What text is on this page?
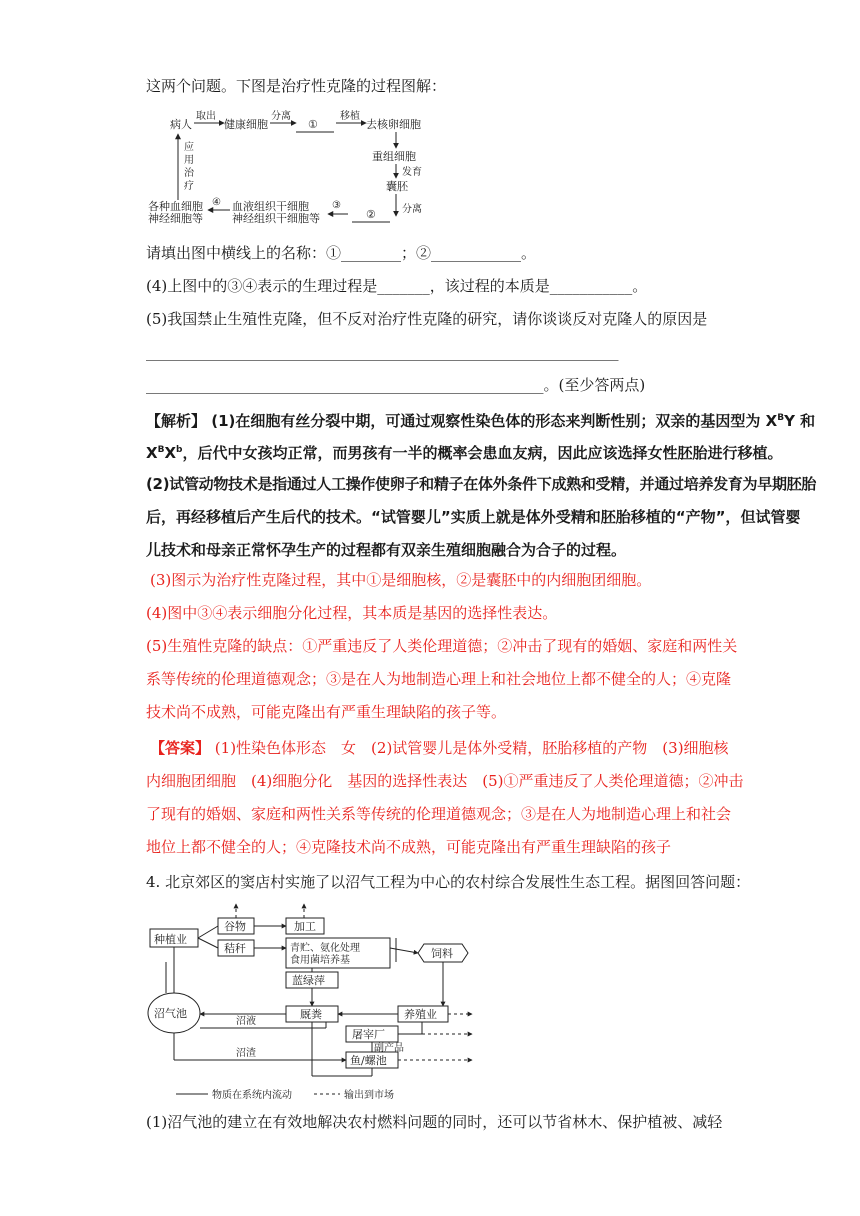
这两个问题。下图是治疗性克隆的过程图解：
病人
取出
健康细胞
分离
①
移植
去核卵细胞
重组细胞
发育
囊胚
分离
②
③
血液组织干细胞
神经组织干细胞等
④
各种血细胞
神经细胞等
应
用
治
疗
请填出图中横线上的名称：①________；②____________。
(4)上图中的③④表示的生理过程是_______，该过程的本质是___________。
(5)我国禁止生殖性克隆，但不反对治疗性克隆的研究，请你谈谈反对克隆人的原因是
_______________________________________________________________
_____________________________________________________。(至少答两点)
【解析】 (1)在细胞有丝分裂中期，可通过观察性染色体的形态来判断性别；双亲的基因型为 $X^BY$ 和
$X^BX^b$，后代中女孩均正常，而男孩有一半的概率会患血友病，因此应该选择女性胚胎进行移植。
(2)试管动物技术是指通过人工操作使卵子和精子在体外条件下成熟和受精，并通过培养发育为早期胚胎
后，再经移植后产生后代的技术。“试管婴儿”实质上就是体外受精和胚胎移植的“产物”，但试管婴
儿技术和母亲正常怀孕生产的过程都有双亲生殖细胞融合为合子的过程。
(3)图示为治疗性克隆过程，其中①是细胞核，②是囊胚中的内细胞团细胞。
(4)图中③④表示细胞分化过程，其本质是基因的选择性表达。
(5)生殖性克隆的缺点：①严重违反了人类伦理道德；②冲击了现有的婚姻、家庭和两性关
系等传统的伦理道德观念；③是在人为地制造心理上和社会地位上都不健全的人；④克隆
技术尚不成熟，可能克隆出有严重生理缺陷的孩子等。
【答案】 (1)性染色体形态　女　(2)试管婴儿是体外受精，胚胎移植的产物　(3)细胞核
内细胞团细胞　(4)细胞分化　基因的选择性表达　(5)①严重违反了人类伦理道德；②冲击
了现有的婚姻、家庭和两性关系等传统的伦理道德观念；③是在人为地制造心理上和社会
地位上都不健全的人；④克隆技术尚不成熟，可能克隆出有严重生理缺陷的孩子
4. 北京郊区的窦店村实施了以沼气工程为中心的农村综合发展性生态工程。据图回答问题：
种植业
谷物
秸秆
加工
青贮、氨化处理
食用菌培养基
饲料
蓝绿萍
沼气池	厩粪	养殖业
屠宰厂
副产品
沼液
沼渣
鱼/螺池
物质在系统内流动	输出到市场
(1)沼气池的建立在有效地解决农村燃料问题的同时，还可以节省林木、保护植被、减轻
